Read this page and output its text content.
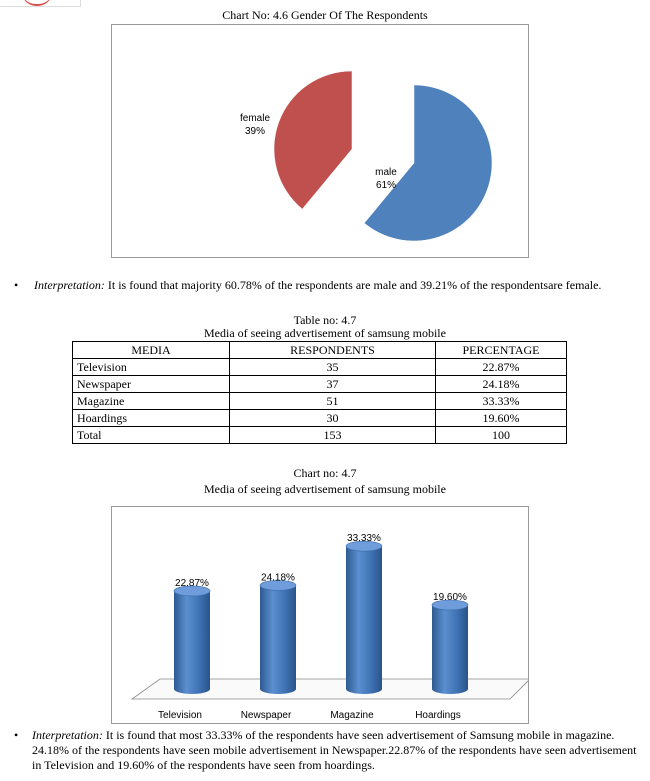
Chart No: 4.6 Gender Of The Respondents
female
39%
male
61%
• Interpretation: It is found that majority 60.78% of the respondents are male and 39.21% of the respondentsare female.
Table no: 4.7
Media of seeing advertisement of samsung mobile
MEDIA	RESPONDENTS	PERCENTAGE
Television	35	22.87%
Newspaper	37	24.18%
Magazine	51	33.33%
Hoardings	30	19.60%
Total	153	100
Chart no: 4.7
Media of seeing advertisement of samsung mobile
22.87%
Television
24.18%
Newspaper
33.33%
Magazine
19.60%
Hoardings
• Interpretation: It is found that most 33.33% of the respondents have seen advertisement of Samsung mobile in magazine.
24.18% of the respondents have seen mobile advertisement in Newspaper.22.87% of the respondents have seen advertisement
in Television and 19.60% of the respondents have seen from hoardings.
